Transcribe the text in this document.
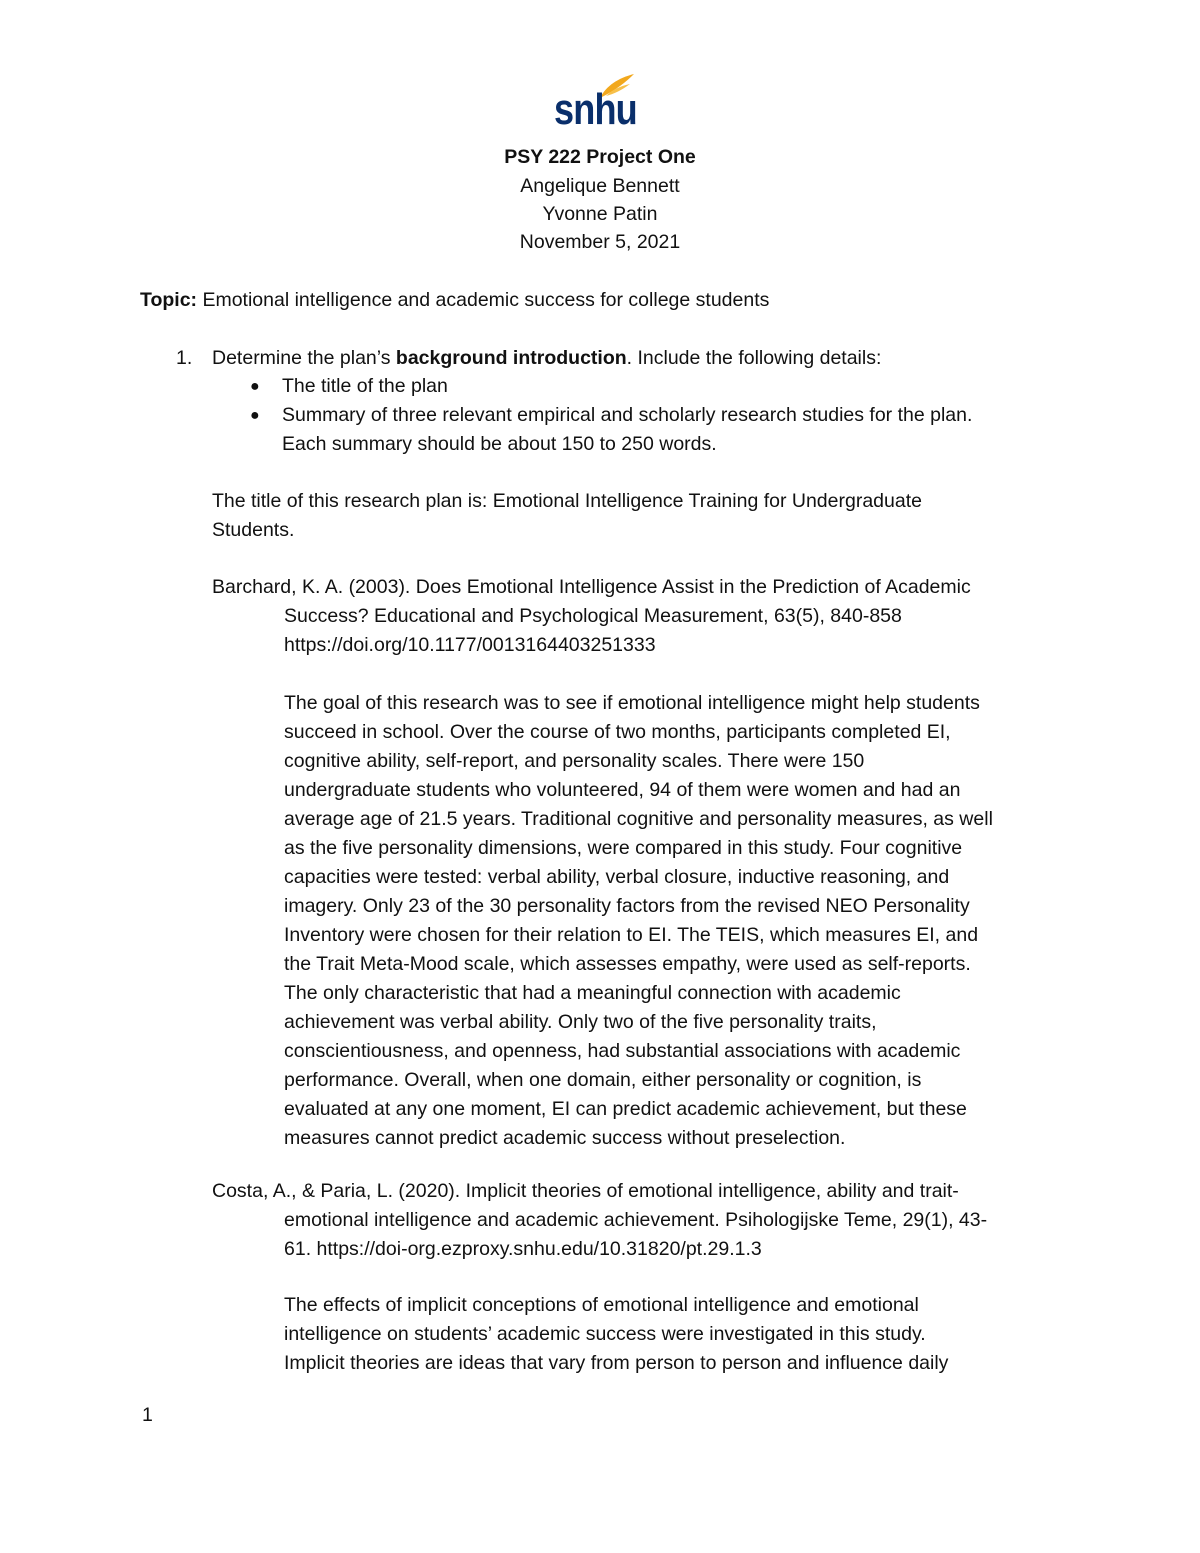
snhu
PSY 222 Project One
Angelique Bennett
Yvonne Patin
November 5, 2021
Topic: Emotional intelligence and academic success for college students
1. Determine the plan’s background introduction. Include the following details:
● The title of the plan
● Summary of three relevant empirical and scholarly research studies for the plan.
Each summary should be about 150 to 250 words.
The title of this research plan is: Emotional Intelligence Training for Undergraduate
Students.
Barchard, K. A. (2003). Does Emotional Intelligence Assist in the Prediction of Academic
Success? Educational and Psychological Measurement, 63(5), 840-858
https://doi.org/10.1177/0013164403251333
The goal of this research was to see if emotional intelligence might help students
succeed in school. Over the course of two months, participants completed EI,
cognitive ability, self-report, and personality scales. There were 150
undergraduate students who volunteered, 94 of them were women and had an
average age of 21.5 years. Traditional cognitive and personality measures, as well
as the five personality dimensions, were compared in this study. Four cognitive
capacities were tested: verbal ability, verbal closure, inductive reasoning, and
imagery. Only 23 of the 30 personality factors from the revised NEO Personality
Inventory were chosen for their relation to EI. The TEIS, which measures EI, and
the Trait Meta-Mood scale, which assesses empathy, were used as self-reports.
The only characteristic that had a meaningful connection with academic
achievement was verbal ability. Only two of the five personality traits,
conscientiousness, and openness, had substantial associations with academic
performance. Overall, when one domain, either personality or cognition, is
evaluated at any one moment, EI can predict academic achievement, but these
measures cannot predict academic success without preselection.
Costa, A., & Paria, L. (2020). Implicit theories of emotional intelligence, ability and trait-
emotional intelligence and academic achievement. Psihologijske Teme, 29(1), 43-
61. https://doi-org.ezproxy.snhu.edu/10.31820/pt.29.1.3
The effects of implicit conceptions of emotional intelligence and emotional
intelligence on students’ academic success were investigated in this study.
Implicit theories are ideas that vary from person to person and influence daily
1
